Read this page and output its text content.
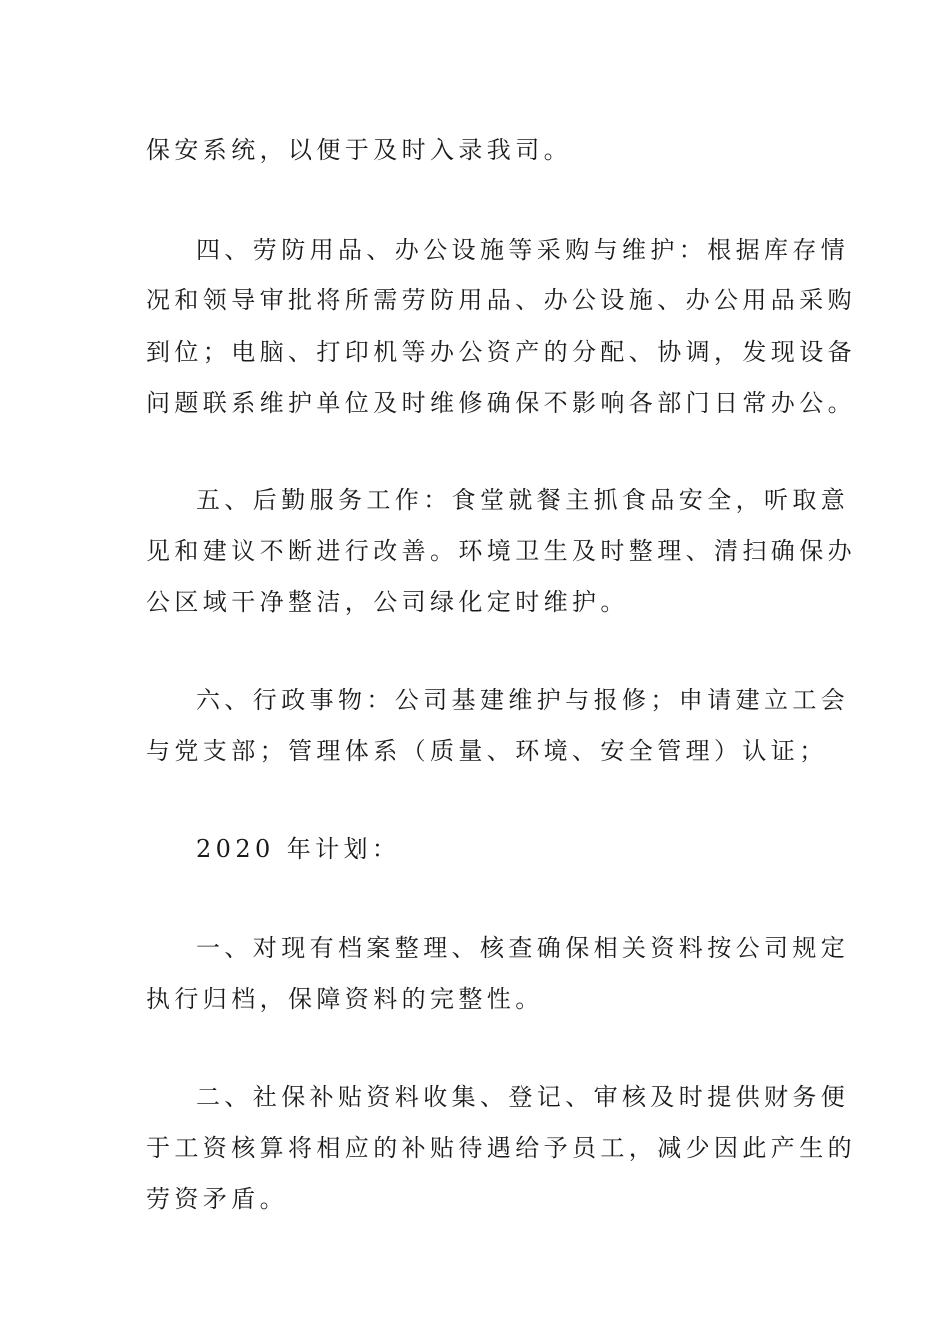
保安系统，以便于及时入录我司。
四、劳防用品、办公设施等采购与维护：根据库存情
况和领导审批将所需劳防用品、办公设施、办公用品采购
到位；电脑、打印机等办公资产的分配、协调，发现设备
问题联系维护单位及时维修确保不影响各部门日常办公。
五、后勤服务工作：食堂就餐主抓食品安全，听取意
见和建议不断进行改善。环境卫生及时整理、清扫确保办
公区域干净整洁，公司绿化定时维护。
六、行政事物：公司基建维护与报修；申请建立工会
与党支部；管理体系（质量、环境、安全管理）认证；
2020 年计划：
一、对现有档案整理、核查确保相关资料按公司规定
执行归档，保障资料的完整性。
二、社保补贴资料收集、登记、审核及时提供财务便
于工资核算将相应的补贴待遇给予员工，减少因此产生的
劳资矛盾。
